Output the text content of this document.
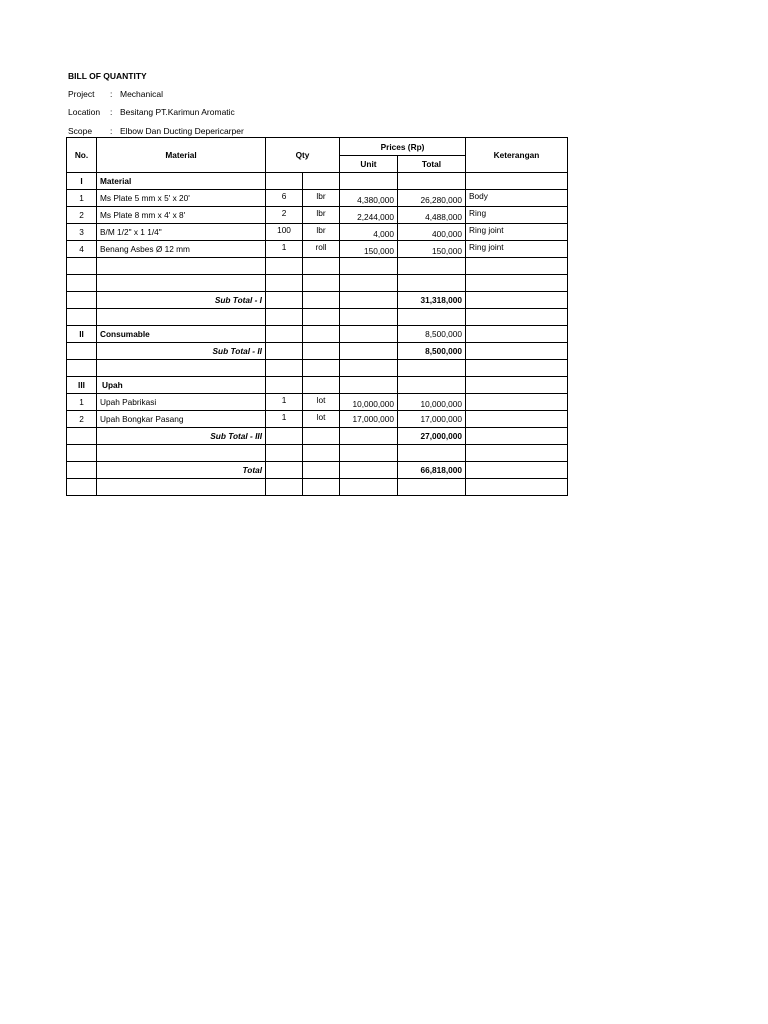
BILL OF QUANTITY
Project : Mechanical
Location : Besitang PT.Karimun Aromatic
Scope : Elbow Dan Ducting Depericarper
No.	Material	Qty		Prices (Rp)		Keterangan
				Unit	Total	
I	Material					
1	Ms Plate 5 mm x 5' x 20'	6	lbr	4,380,000	26,280,000	Body
2	Ms Plate 8 mm x 4' x 8'	2	lbr	2,244,000	4,488,000	Ring
3	B/M 1/2" x 1 1/4"	100	lbr	4,000	400,000	Ring joint
4	Benang Asbes Ø 12 mm	1	roll	150,000	150,000	Ring joint

	Sub Total - I				31,318,000	

II	Consumable				8,500,000	
	Sub Total - II				8,500,000	

III	Upah					
1	Upah Pabrikasi	1	lot	10,000,000	10,000,000	
2	Upah Bongkar Pasang	1	lot	17,000,000	17,000,000	
	Sub Total - III				27,000,000	

	Total				66,818,000	
